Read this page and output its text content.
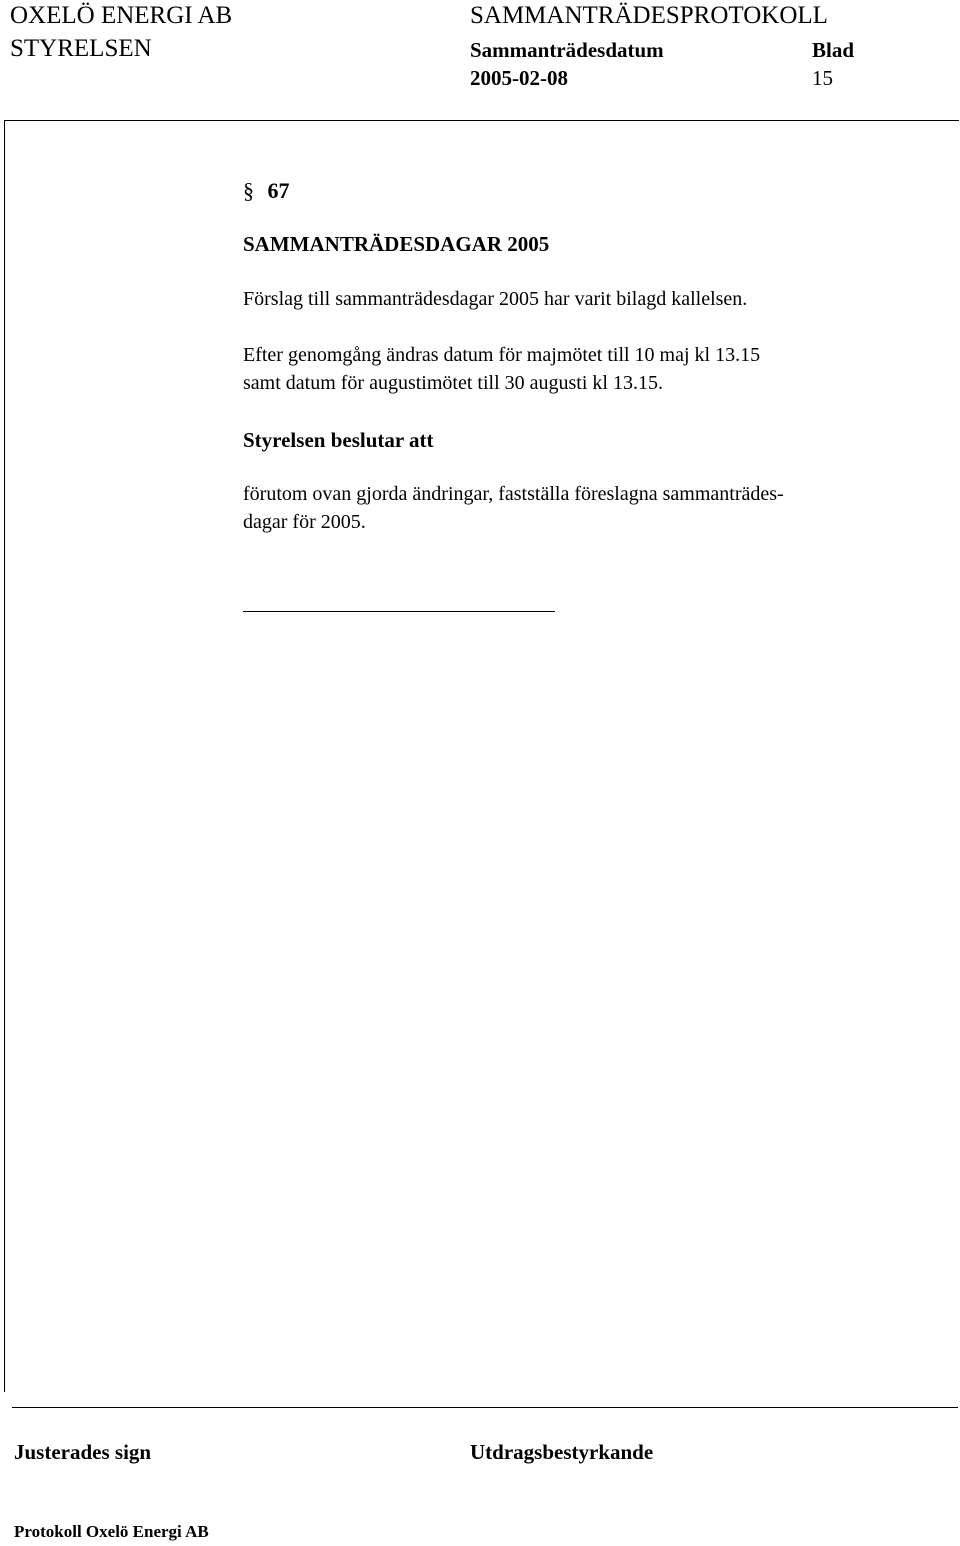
OXELÖ ENERGI AB
STYRELSEN
SAMMANTRÄDESPROTOKOLL
Sammanträdesdatum
2005-02-08
Blad
15
§ 67
SAMMANTRÄDESDAGAR 2005
Förslag till sammanträdesdagar 2005 har varit bilagd kallelsen.
Efter genomgång ändras datum för majmötet till 10 maj kl 13.15
samt datum för augustimötet till 30 augusti kl 13.15.
Styrelsen beslutar att
förutom ovan gjorda ändringar, fastställa föreslagna sammanträdes-
dagar för 2005.
Justerades sign	Utdragsbestyrkande
Protokoll Oxelö Energi AB
